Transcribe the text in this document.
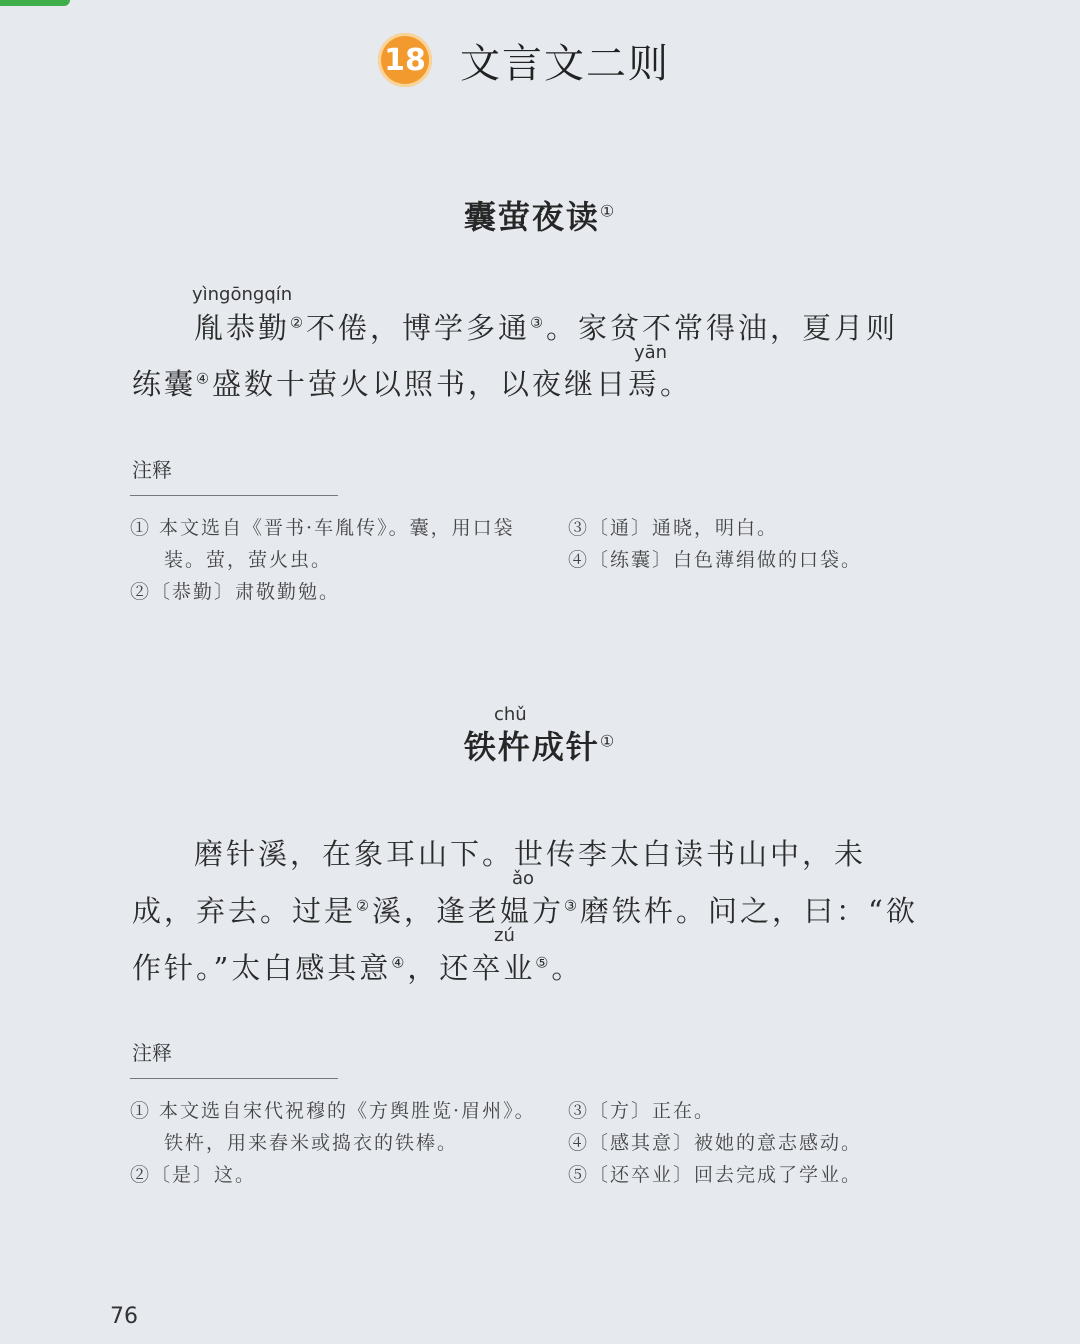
18 文言文二则
囊萤夜读①
yìngōngqín
yān
胤恭勤②不倦，博学多通③。家贫不常得油，夏月则
练囊④盛数十萤火以照书，以夜继日焉。
注释
① 本文选自《晋书·车胤传》。囊，用口袋
装。萤，萤火虫。
②〔恭勤〕肃敬勤勉。
③〔通〕通晓，明白。
④〔练囊〕白色薄绢做的口袋。
chǔ
铁杵成针①
ǎo
zú
磨针溪，在象耳山下。世传李太白读书山中，未
成，弃去。过是②溪，逢老媪方③磨铁杵。问之，曰：“欲
作针。”太白感其意④，还卒业⑤。
注释
① 本文选自宋代祝穆的《方舆胜览·眉州》。
铁杵，用来舂米或捣衣的铁棒。
②〔是〕这。
③〔方〕正在。
④〔感其意〕被她的意志感动。
⑤〔还卒业〕回去完成了学业。
76
